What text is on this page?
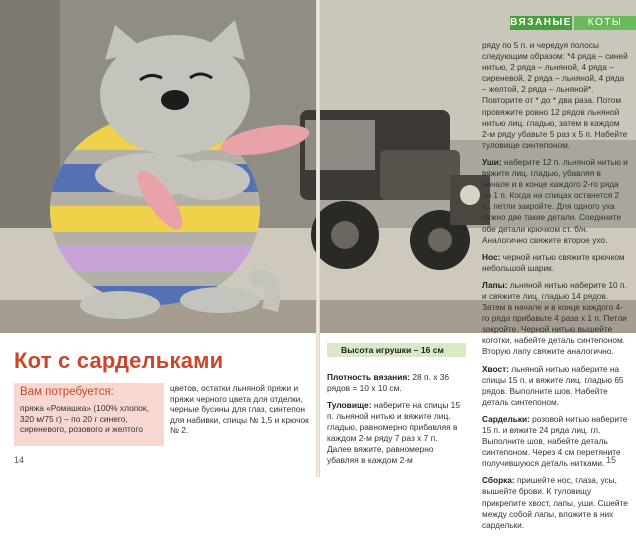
ВЯЗАНЫЕ	КОТЫ
Кот с сардельками
Вам потребуется:
пряжа «Ромашка» (100% хлопок, 320 м/75 г) – по 20 г синего, сиреневого, розового и желтого
цветов, остатки льняной пряжи и пряжи черного цвета для отделки, черные бусины для глаз, синтепон для набивки, спицы № 1,5 и крючок № 2.
14
Высота игрушки – 16 см

Плотность вязания: 28 п. х 36 рядов = 10 х 10 см.

Туловище: наберите на спицы 15 п. льняной нитью и вяжите лиц. гладью, равномерно прибавляя в каждом 2-м ряду 7 раз х 7 п. Далее вяжите, равномерно убавляя в каждом 2-м

ряду по 5 п. и чередуя полосы следующим образом: *4 ряда – синей нитью, 2 ряда – льняной, 4 ряда – сиреневой, 2 ряда – льняной, 4 ряда – желтой, 2 ряда – льняной*. Повторите от * до * два раза. Потом провяжите ровно 12 рядов льняной нитью лиц. гладью, затем в каждом 2-м ряду убавьте 5 раз х 5 п. Набейте туловище синтепоном.

Уши: наберите 12 п. льняной нитью и вяжите лиц. гладью, убавляя в начале и в конце каждого 2-го ряда по 1 п. Когда на спицах останется 2 п., петли закройте. Для одного уха нужно две такие детали. Соедините обе детали крючком ст. б/н. Аналогично свяжите второе ухо.

Нос: черной нитью свяжите крючком небольшой шарик.

Лапы: льняной нитью наберите 10 п. и свяжите лиц. гладью 14 рядов. Затем в начале и в конце каждого 4-го ряда прибавьте 4 раза х 1 п. Петли закройте. Черной нитью вышейте коготки, набейте деталь синтепоном. Вторую лапу свяжите аналогично.

Хвост: льняной нитью наберите на спицы 15 п. и вяжите лиц. гладью 65 рядов. Выполните шов. Набейте деталь синтепоном.

Сардельки: розовой нитью наберите 15 п. и вяжите 24 ряда лиц. гл. Выполните шов, набейте деталь синтепоном. Через 4 см перетяните получившуюся деталь нитками.

Сборка: пришейте нос, глаза, усы, вышейте брови. К туловищу прикрепите хвост, лапы, уши. Сшейте между собой лапы, вложите в них сардельки.

15
